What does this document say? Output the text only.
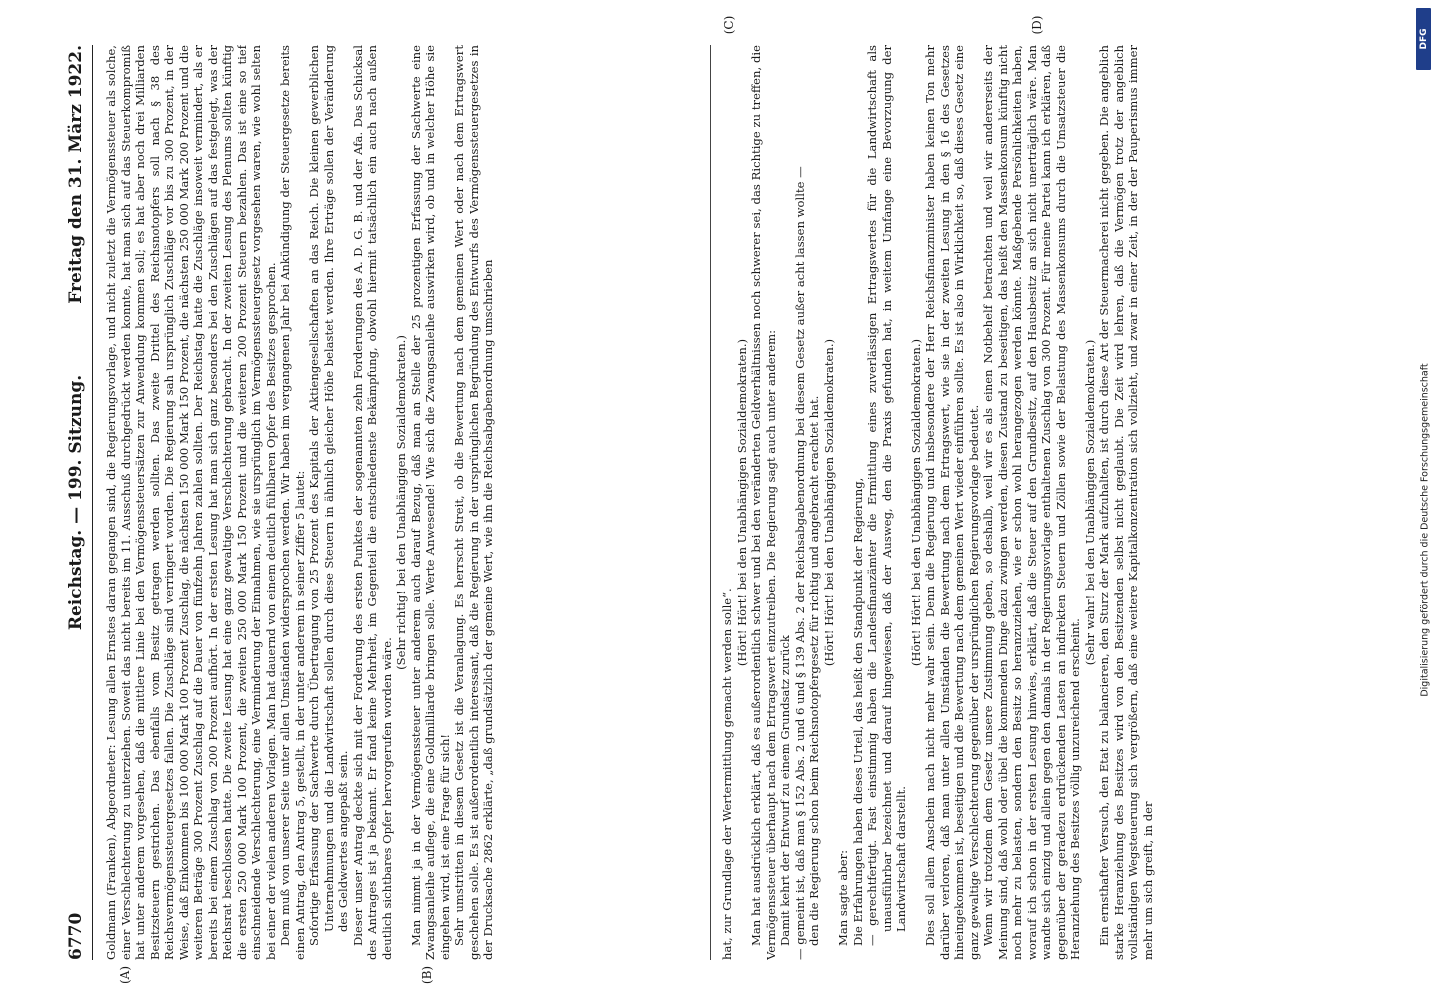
6770
Reichstag. — 199. Sitzung.
Freitag den 31. März 1922.
(A)	(B)
(C)	(D)

Goldmann (Franken), Abgeordneter: Lesung allen Ernstes daran gegangen sind, die Regierungsvorlage, und nicht zuletzt die Vermögenssteuer als solche, einer Verschlechterung zu unterziehen. Soweit das nicht bereits im 11. Ausschuß durchgedrückt werden konnte, hat man sich auf das Steuerkompromiß hat unter anderem vorgesehen, daß die mittlere Linie bei den Vermögenssteuersätzen zur Anwendung kommen soll; es hat aber noch drei Milliarden Besitzsteuern gestrichen. Das ebenfalls vom Besitz getragen werden sollten. Das zweite Drittel des Reichsnotopfers soll nach § 38 des Reichsvermögenssteuergesetzes fallen. Die Zuschläge sind verringert worden. Die Regierung sah ursprünglich Zuschläge vor bis zu 300 Prozent, in der Weise, daß Einkommen bis 100 000 Mark 100 Prozent Zuschlag, die nächsten 150 000 Mark 150 Prozent, die nächsten 250 000 Mark 200 Prozent und die weiteren Beträge 300 Prozent Zuschlag auf die Dauer von fünfzehn Jahren zahlen sollten. Der Reichstag hatte die Zuschläge insoweit vermindert, als er bereits bei einem Zuschlag von 200 Prozent aufhört. In der ersten Lesung hat man sich ganz besonders bei den Zuschlägen auf das festgelegt, was der Reichsrat beschlossen hatte. Die zweite Lesung hat eine ganz gewaltige Verschlechterung gebracht. In der zweiten Lesung des Plenums sollten künftig die ersten 250 000 Mark 100 Prozent, die zweiten 250 000 Mark 150 Prozent und die weiteren 200 Prozent Steuern bezahlen. Das ist eine so tief einschneidende Verschlechterung, eine Verminderung der Einnahmen, wie sie ursprünglich im Vermögenssteuergesetz vorgesehen waren, wie wohl selten bei einer der vielen anderen Vorlagen. Man hat dauernd von einem deutlich fühlbaren Opfer des Besitzes gesprochen. Dem muß von unserer Seite unter allen Umständen widersprochen werden. Wir haben im vergangenen Jahr bei Ankündigung der Steuergesetze bereits einen Antrag, den Antrag 5, gestellt, in der unter anderem in seiner Ziffer 5 lautet: Sofortige Erfassung der Sachwerte durch Übertragung von 25 Prozent des Kapitals der Aktiengesellschaften an das Reich. Die kleinen gewerblichen Unternehmungen und die Landwirtschaft sollen durch diese Steuern in ähnlich gleicher Höhe belastet werden. Ihre Erträge sollen der Veränderung des Geldwertes angepaßt sein. Dieser unser Antrag deckte sich mit der Forderung des ersten Punktes der sogenannten zehn Forderungen des A. D. G. B. und der Afa. Das Schicksal des Antrages ist ja bekannt. Er fand keine Mehrheit, im Gegenteil die entschiedenste Bekämpfung, obwohl hiermit tatsächlich ein auch nach außen deutlich sichtbares Opfer hervorgerufen worden wäre.

(Sehr richtig! bei den Unabhängigen Sozialdemokraten.) Man nimmt ja in der Vermögenssteuer unter anderem auch darauf Bezug, daß man an Stelle der 25 prozentigen Erfassung der Sachwerte eine Zwangsanleihe auflege, die eine Goldmilliarde bringen solle. Werte Anwesende! Wie sich die Zwangsanleihe auswirken wird, ob und in welcher Höhe sie eingehen wird, ist eine Frage für sich! Sehr umstritten in diesem Gesetz ist die Veranlagung. Es herrscht Streit, ob die Bewertung nach dem gemeinen Wert oder nach dem Ertragswert geschehen solle. Es ist außerordentlich interessant, daß die Regierung in der ursprünglichen Begründung des Entwurfs des Vermögenssteuergesetzes in der Drucksache 2862 erklärte, „daß grundsätzlich der gemeine Wert, wie ihn die Reichsabgabenordnung umschrieben	hat, zur Grundlage der Wertermittlung gemacht werden solle“.

(Hört! Hört! bei den Unabhängigen Sozialdemokraten.) Man hat ausdrücklich erklärt, daß es außerordentlich schwer und bei den veränderten Geldverhältnissen noch schwerer sei, das Richtige zu treffen, die Vermögenssteuer überhaupt nach dem Ertragswert einzutreiben. Die Regierung sagt auch unter anderem: Damit kehrt der Entwurf zu einem Grundsatz zurück — gemeint ist, daß man § 152 Abs. 2 und 6 und § 139 Abs. 2 der Reichsabgabenordnung bei diesem Gesetz außer acht lassen wollte — den die Regierung schon beim Reichsnotopfergesetz für richtig und angebracht erachtet hat. (Hört! Hört! bei den Unabhängigen Sozialdemokraten.)

Man sagte aber: Die Erfahrungen haben dieses Urteil, das heißt den Standpunkt der Regierung, — gerechtfertigt. Fast einstimmig haben die Landesfinanzämter die Ermittlung eines zuverlässigen Ertragswertes für die Landwirtschaft als unausführbar bezeichnet und darauf hingewiesen, daß der Ausweg, den die Praxis gefunden hat, in weitem Umfange eine Bevorzugung der Landwirtschaft darstellt.

(Hört! Hört! bei den Unabhängigen Sozialdemokraten.) Dies soll allem Anschein nach nicht mehr wahr sein. Denn die Regierung und insbesondere der Herr Reichsfinanzminister haben keinen Ton mehr darüber verloren, daß man unter allen Umständen die Bewertung nach dem Ertragswert, wie sie in der zweiten Lesung in den § 16 des Gesetzes hineingekommen ist, beseitigen und die Bewertung nach dem gemeinen Wert wieder einführen sollte. Es ist also in Wirklichkeit so, daß dieses Gesetz eine ganz gewaltige Verschlechterung gegenüber der ursprünglichen Regierungsvorlage bedeutet. Wenn wir trotzdem dem Gesetz unsere Zustimmung geben, so deshalb, weil wir es als einen Notbehelf betrachten und weil wir andererseits der Meinung sind, daß wohl oder übel die kommenden Dinge dazu zwingen werden, diesen Zustand zu beseitigen, das heißt den Massenkonsum künftig nicht noch mehr zu belasten, sondern den Besitz so heranzuziehen, wie er schon wohl herangezogen werden könnte. Maßgebende Persönlichkeiten haben, worauf ich schon in der ersten Lesung hinwies, erklärt, daß die Steuer auf den Grundbesitz, auf den Hausbesitz an sich nicht unerträglich wäre. Man wandte sich einzig und allein gegen den damals in der Regierungsvorlage enthaltenen Zuschlag von 300 Prozent. Für meine Partei kann ich erklären, daß gegenüber der geradezu erdrückenden Lasten an indirekten Steuern und Zöllen sowie der Belastung des Massenkonsums durch die Umsatzsteuer die Heranziehung des Besitzes völlig unzureichend erscheint.

(Sehr wahr! bei den Unabhängigen Sozialdemokraten.) Ein ernsthafter Versuch, den Etat zu balancieren, den Sturz der Mark aufzuhalten, ist durch diese Art der Steuermacherei nicht gegeben. Die angeblich starke Heranziehung des Besitzes wird von den Besitzenden selbst nicht geglaubt. Die Zeit wird lehren, daß die Vermögen trotz der angeblich vollständigen Wegsteuerung sich vergrößern, daß eine weitere Kapitalkonzentration sich vollzieht, und zwar in einer Zeit, in der der Pauperismus immer mehr um sich greift, in der

DFG
Digitalisierung gefördert durch die Deutsche Forschungsgemeinschaft
